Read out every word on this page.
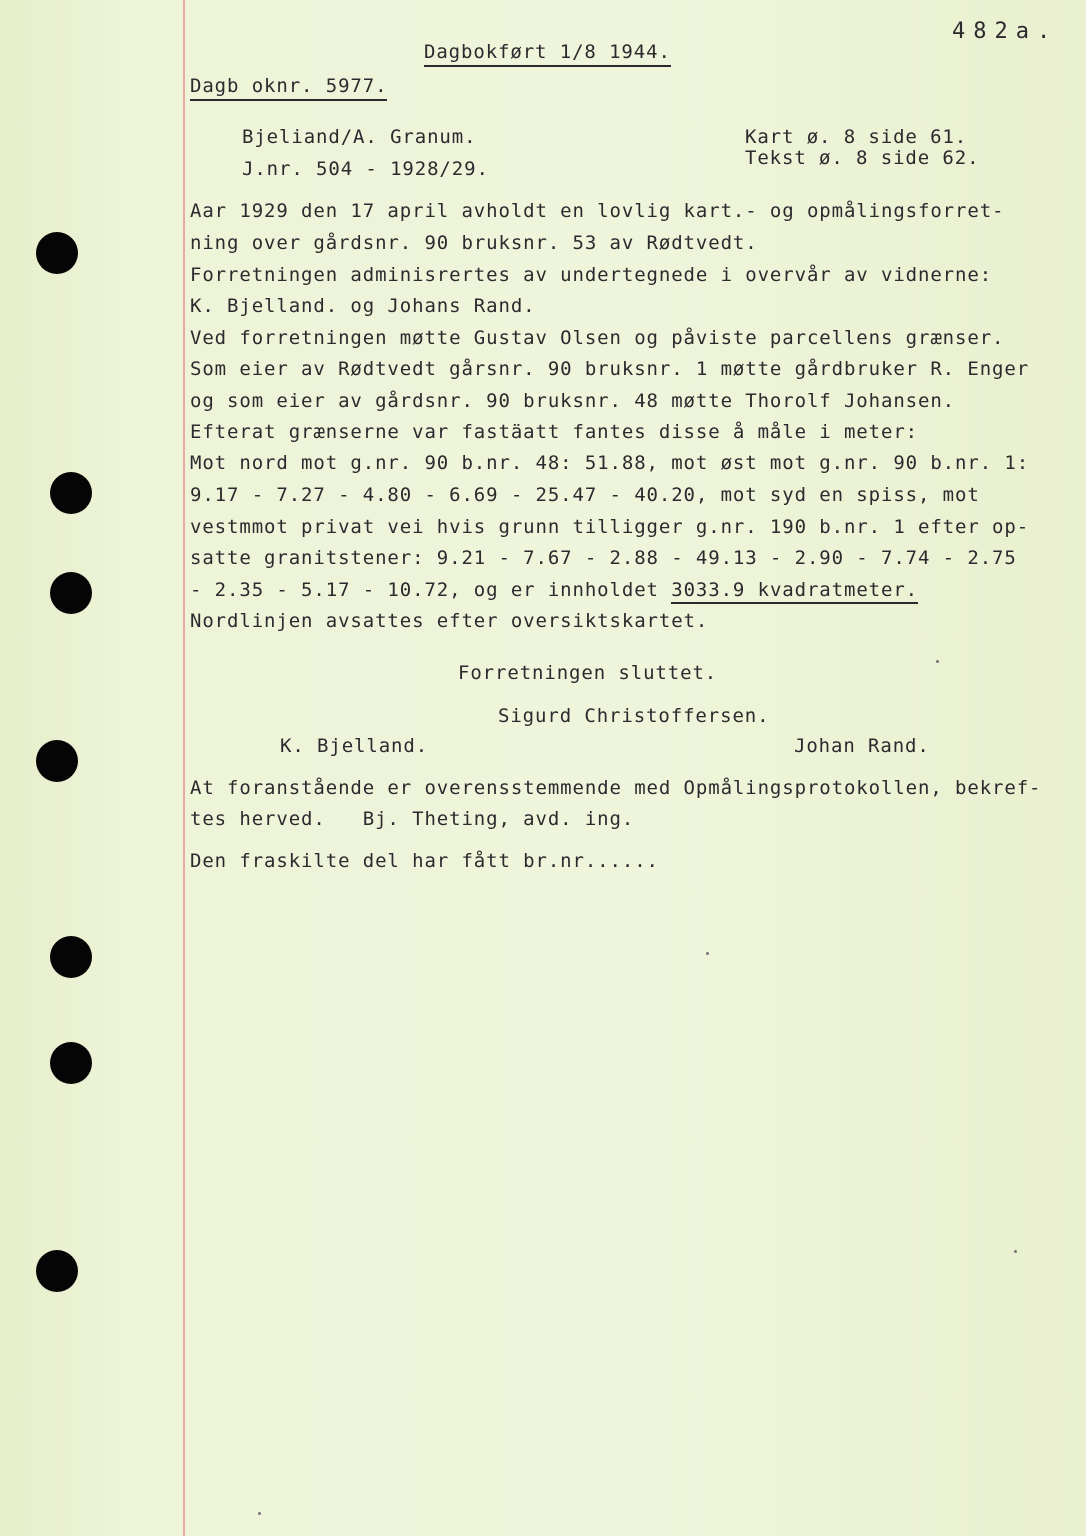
482a.
Dagbokført 1/8 1944.
Dagb oknr. 5977.
Bjeliand/A. Granum.
J.nr. 504 - 1928/29.
Kart ø. 8 side 61.
Tekst ø. 8 side 62.
Aar 1929 den 17 april avholdt en lovlig kart.- og opmålingsforret-
ning over gårdsnr. 90 bruksnr. 53 av Rødtvedt.
Forretningen adminisrertes av undertegnede i overvår av vidnerne:
K. Bjelland. og Johans Rand.
Ved forretningen møtte Gustav Olsen og påviste parcellens grænser.
Som eier av Rødtvedt gårsnr. 90 bruksnr. 1 møtte gårdbruker R. Enger
og som eier av gårdsnr. 90 bruksnr. 48 møtte Thorolf Johansen.
Efterat grænserne var fastäatt fantes disse å måle i meter:
Mot nord mot g.nr. 90 b.nr. 48: 51.88, mot øst mot g.nr. 90 b.nr. 1:
9.17 - 7.27 - 4.80 - 6.69 - 25.47 - 40.20, mot syd en spiss, mot
vestmmot privat vei hvis grunn tilligger g.nr. 190 b.nr. 1 efter op-
satte granitstener: 9.21 - 7.67 - 2.88 - 49.13 - 2.90 - 7.74 - 2.75
- 2.35 - 5.17 - 10.72, og er innholdet 3033.9 kvadratmeter.
Nordlinjen avsattes efter oversiktskartet.
Forretningen sluttet.
Sigurd Christoffersen.
K. Bjelland.	Johan Rand.
At foranstående er overensstemmende med Opmålingsprotokollen, bekref-
tes herved.   Bj. Theting, avd. ing.
Den fraskilte del har fått br.nr......
